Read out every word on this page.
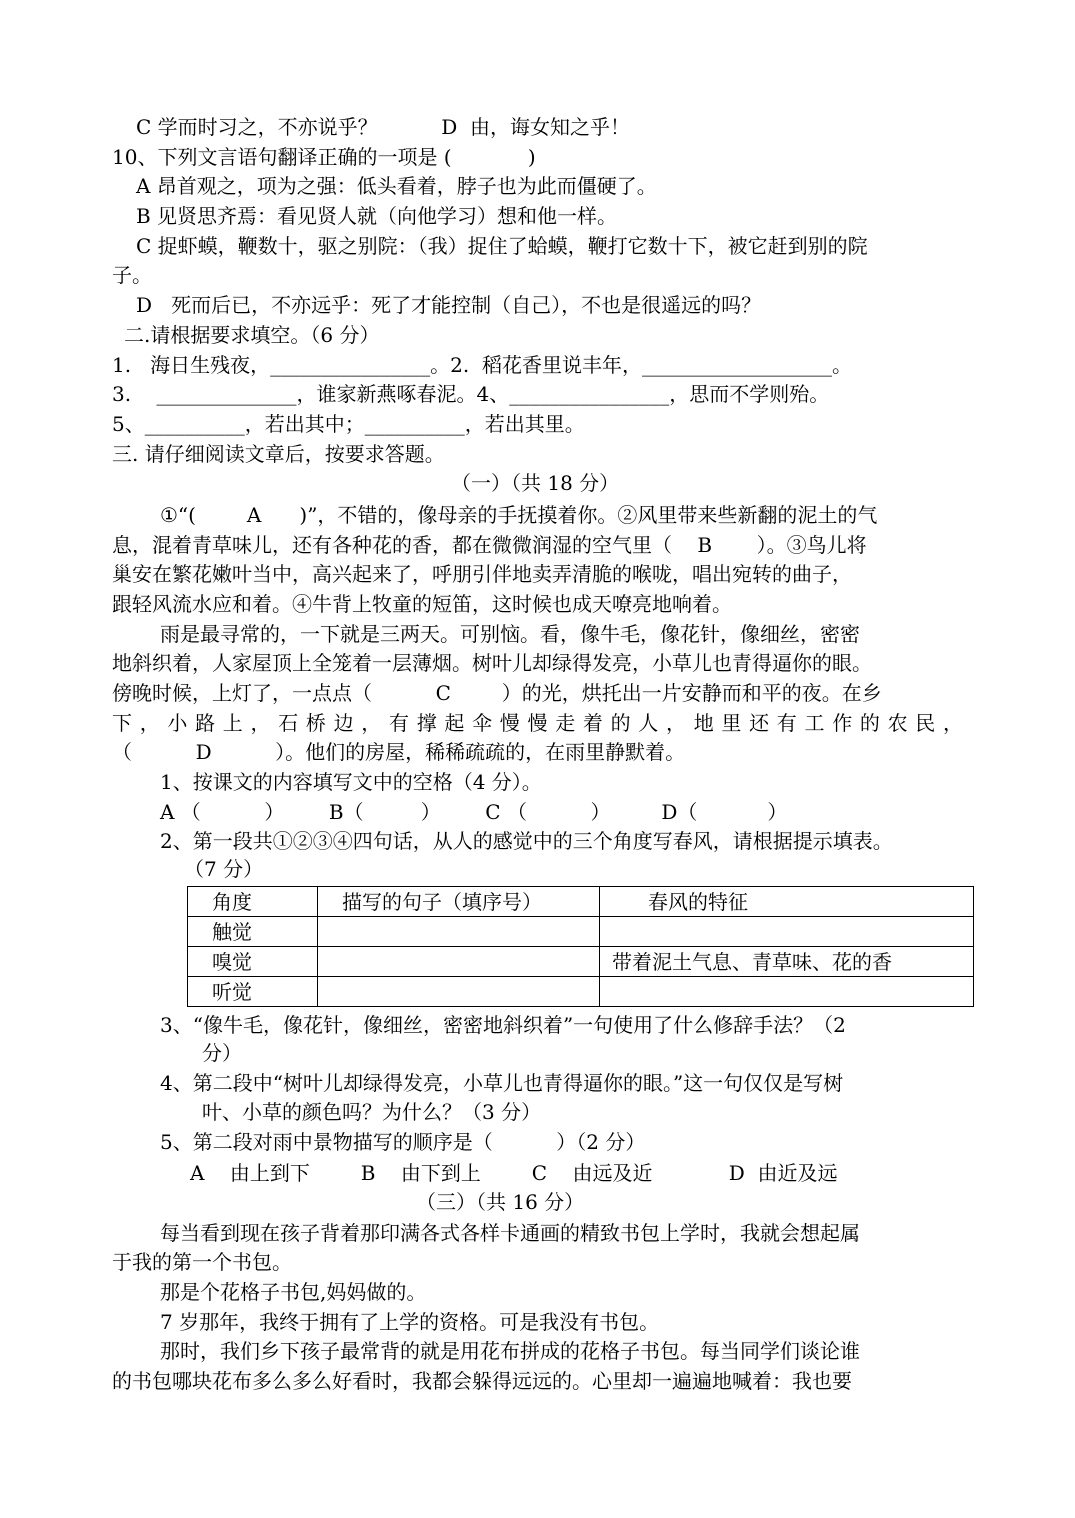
C 学而时习之，不亦说乎？          D  由，诲女知之乎！
10、下列文言语句翻译正确的一项是 (            )
A 昂首观之，项为之强：低头看着，脖子也为此而僵硬了。
B 见贤思齐焉：看见贤人就（向他学习）想和他一样。
C 捉虾蟆，鞭数十，驱之别院：（我）捉住了蛤蟆，鞭打它数十下，被它赶到别的院
子。
D   死而后已，不亦远乎：死了才能控制（自己），不也是很遥远的吗？
二.请根据要求填空。（6 分）
1.   海日生残夜，________________。2.  稻花香里说丰年，___________________。
3.    ______________，谁家新燕啄春泥。4、________________，思而不学则殆。
5、__________，若出其中；__________，若出其里。
三. 请仔细阅读文章后，按要求答题。
（一）（共 18 分）
①“(        A      )”，不错的，像母亲的手抚摸着你。②风里带来些新翻的泥土的气
息，混着青草味儿，还有各种花的香，都在微微润湿的空气里（    B       ）。③鸟儿将
巢安在繁花嫩叶当中，高兴起来了，呼朋引伴地卖弄清脆的喉咙，唱出宛转的曲子，
跟轻风流水应和着。④牛背上牧童的短笛，这时候也成天嘹亮地响着。
雨是最寻常的，一下就是三两天。可别恼。看，像牛毛，像花针，像细丝，密密
地斜织着，人家屋顶上全笼着一层薄烟。树叶儿却绿得发亮，小草儿也青得逼你的眼。
傍晚时候，上灯了，一点点（          C        ）的光，烘托出一片安静而和平的夜。在乡
下，小路上，石桥边，有撑起伞慢慢走着的人，地里还有工作的农民，
（          D          ）。他们的房屋，稀稀疏疏的，在雨里静默着。
1、按课文的内容填写文中的空格（4 分）。
A （          ）       B（         ）       C （          ）        D（           ）
2、第一段共①②③④四句话，从人的感觉中的三个角度写春风，请根据提示填表。
（7 分）
角度	描写的句子（填序号）	春风的特征
触觉		
嗅觉		带着泥土气息、青草味、花的香
听觉		
3、“像牛毛，像花针，像细丝，密密地斜织着”一句使用了什么修辞手法？（2
分）
4、第二段中“树叶儿却绿得发亮，小草儿也青得逼你的眼。”这一句仅仅是写树
叶、小草的颜色吗？为什么？（3 分）
5、第二段对雨中景物描写的顺序是（          ）（2 分）
A    由上到下        B    由下到上        C    由远及近            D  由近及远
（三）（共 16 分）
每当看到现在孩子背着那印满各式各样卡通画的精致书包上学时，我就会想起属
于我的第一个书包。
那是个花格子书包,妈妈做的。
7 岁那年，我终于拥有了上学的资格。可是我没有书包。
那时，我们乡下孩子最常背的就是用花布拼成的花格子书包。每当同学们谈论谁
的书包哪块花布多么多么好看时，我都会躲得远远的。心里却一遍遍地喊着：我也要
